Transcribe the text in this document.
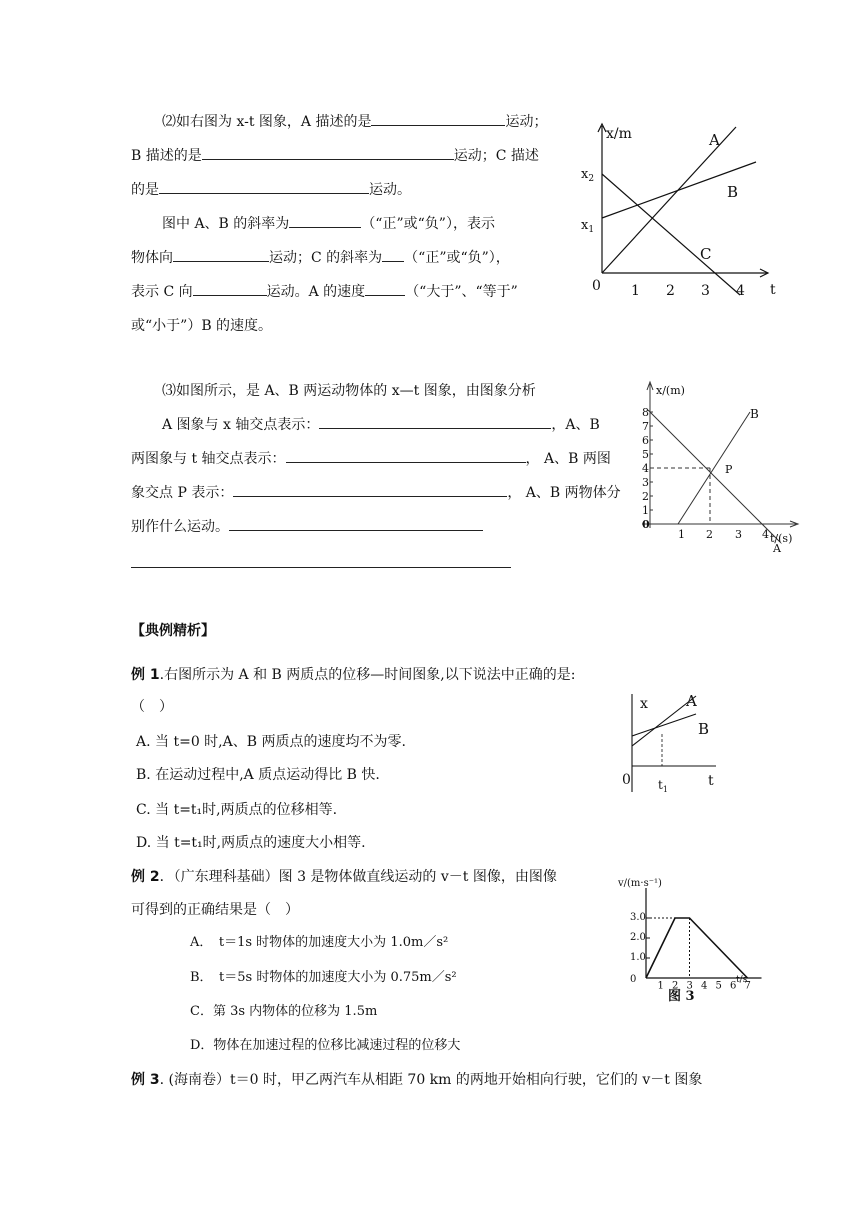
⑵如右图为 x-t 图象，A 描述的是	运动；
B 描述的是	运动；C 描述
的是	运动。
图中 A、B 的斜率为	（“正”或“负”），表示
物体向	运动；C 的斜率为 （“正”或“负”），
表示 C 向	运动。A 的速度	（“大于”、“等于”
或“小于”）B 的速度。
x/m
t
0
$x_2$
$x_1$
1 2 3 4
A
B
C
⑶如图所示，是 A、B 两运动物体的 x—t 图象，由图象分析
A 图象与 x 轴交点表示：	，A、B
两图象与 t 轴交点表示：	， A、B 两图
象交点 P 表示：	， A、B 两物体分
别作什么运动。
x/(m)
t/(s)
8
7
6
5
4
3
2
1
0
1 2 3 4
P
A
B
【典例精析】
例 1.右图所示为 A 和 B 两质点的位移—时间图象,以下说法中正确的是:
（　）
A. 当 t=0 时,A、B 两质点的速度均不为零.
B. 在运动过程中,A 质点运动得比 B 快.
C. 当 t=t₁时,两质点的位移相等.
D. 当 t=t₁时,两质点的速度大小相等.
x
t
0 $t_1$
A
B
例 2．（广东理科基础）图 3 是物体做直线运动的 v－t 图像，由图像
可得到的正确结果是（　）
A．　t＝1s 时物体的加速度大小为 1.0m／s²
B．　t＝5s 时物体的加速度大小为 0.75m／s²
C．第 3s 内物体的位移为 1.5m
D．物体在加速过程的位移比减速过程的位移大
v/(m·s⁻¹)
3.0
2.0
1.0
0	t/s
图 3
1 2 3 4 5 6 7
例 3. (海南卷）t＝0 时，甲乙两汽车从相距 70 km 的两地开始相向行驶，它们的 v－t 图象
